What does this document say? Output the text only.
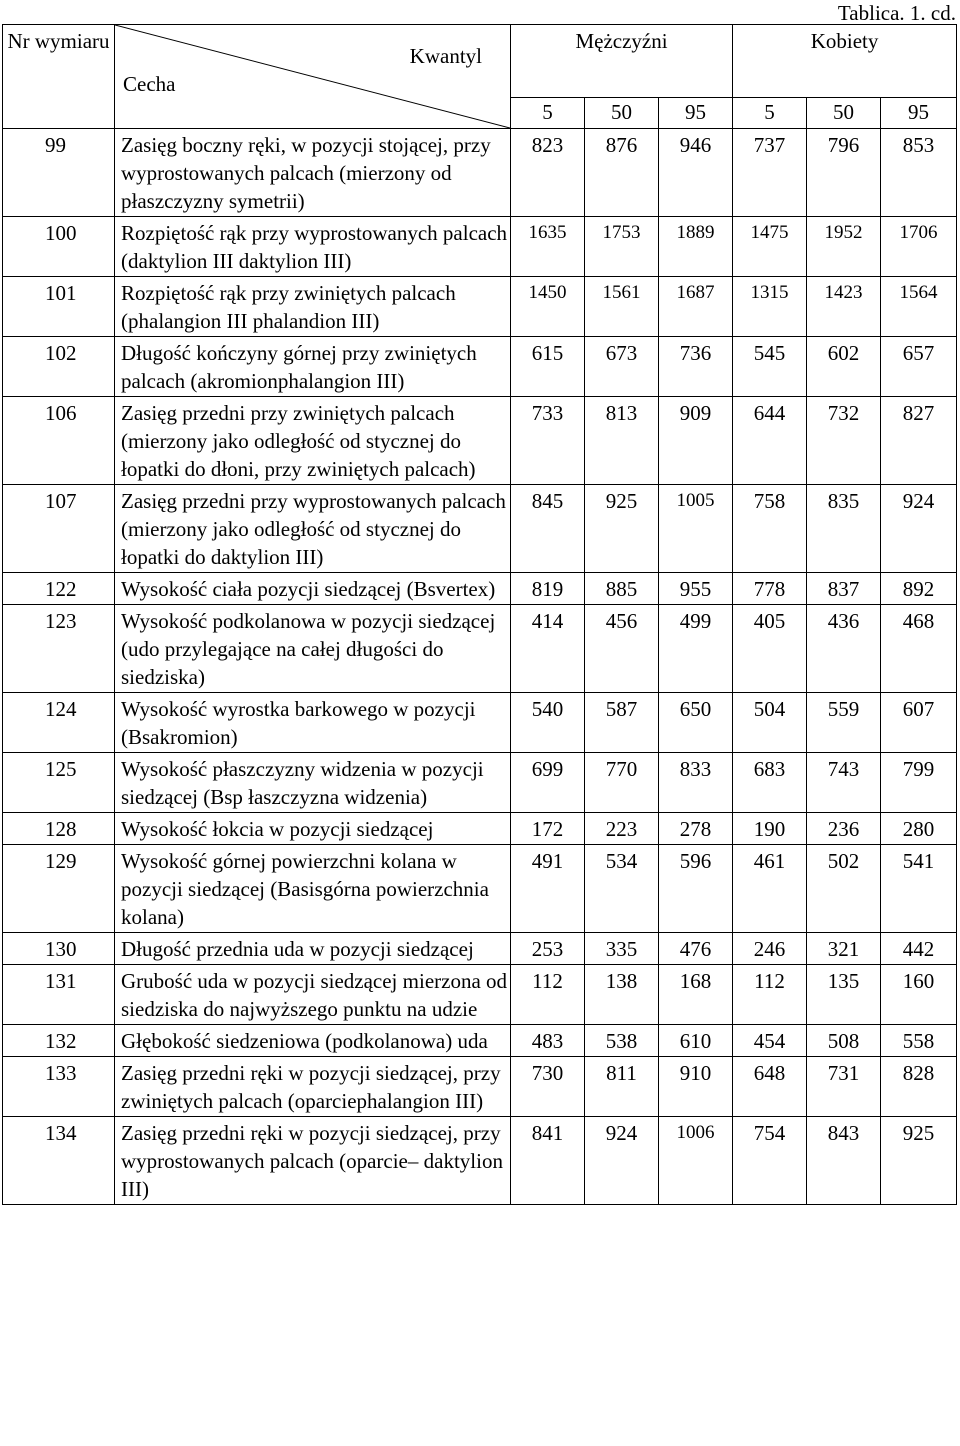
Tablica. 1. cd.

Nr wymiaru	Kwantyl
Cecha	Mężczyźni			Kobiety		
		5	50	95	5	50	95
99	Zasięg boczny ręki, w pozycji stojącej, przy wyprostowanych palcach (mierzony od płaszczyzny symetrii)	823	876	946	737	796	853
100	Rozpiętość rąk przy wyprostowanych palcach (daktylion III daktylion III)	1635	1753	1889	1475	1952	1706
101	Rozpiętość rąk przy zwiniętych palcach (phalangion III phalandion III)	1450	1561	1687	1315	1423	1564
102	Długość kończyny górnej przy zwiniętych palcach (akromionphalangion III)	615	673	736	545	602	657
106	Zasięg przedni przy zwiniętych palcach (mierzony jako odległość od stycznej do łopatki do dłoni, przy zwiniętych palcach)	733	813	909	644	732	827
107	Zasięg przedni przy wyprostowanych palcach (mierzony jako odległość od stycznej do łopatki do daktylion III)	845	925	1005	758	835	924
122	Wysokość ciała pozycji siedzącej (Bsvertex)	819	885	955	778	837	892
123	Wysokość podkolanowa w pozycji siedzącej (udo przylegające na całej długości do siedziska)	414	456	499	405	436	468
124	Wysokość wyrostka barkowego w pozycji (Bsakromion)	540	587	650	504	559	607
125	Wysokość płaszczyzny widzenia w pozycji siedzącej (Bsp łaszczyzna widzenia)	699	770	833	683	743	799
128	Wysokość łokcia w pozycji siedzącej	172	223	278	190	236	280
129	Wysokość górnej powierzchni kolana w pozycji siedzącej (Basisgórna powierzchnia kolana)	491	534	596	461	502	541
130	Długość przednia uda w pozycji siedzącej	253	335	476	246	321	442
131	Grubość uda w pozycji siedzącej mierzona od siedziska do najwyższego punktu na udzie	112	138	168	112	135	160
132	Głębokość siedzeniowa (podkolanowa) uda	483	538	610	454	508	558
133	Zasięg przedni ręki w pozycji siedzącej, przy zwiniętych palcach (oparciephalangion III)	730	811	910	648	731	828
134	Zasięg przedni ręki w pozycji siedzącej, przy wyprostowanych palcach (oparcie– daktylion III)	841	924	1006	754	843	925
